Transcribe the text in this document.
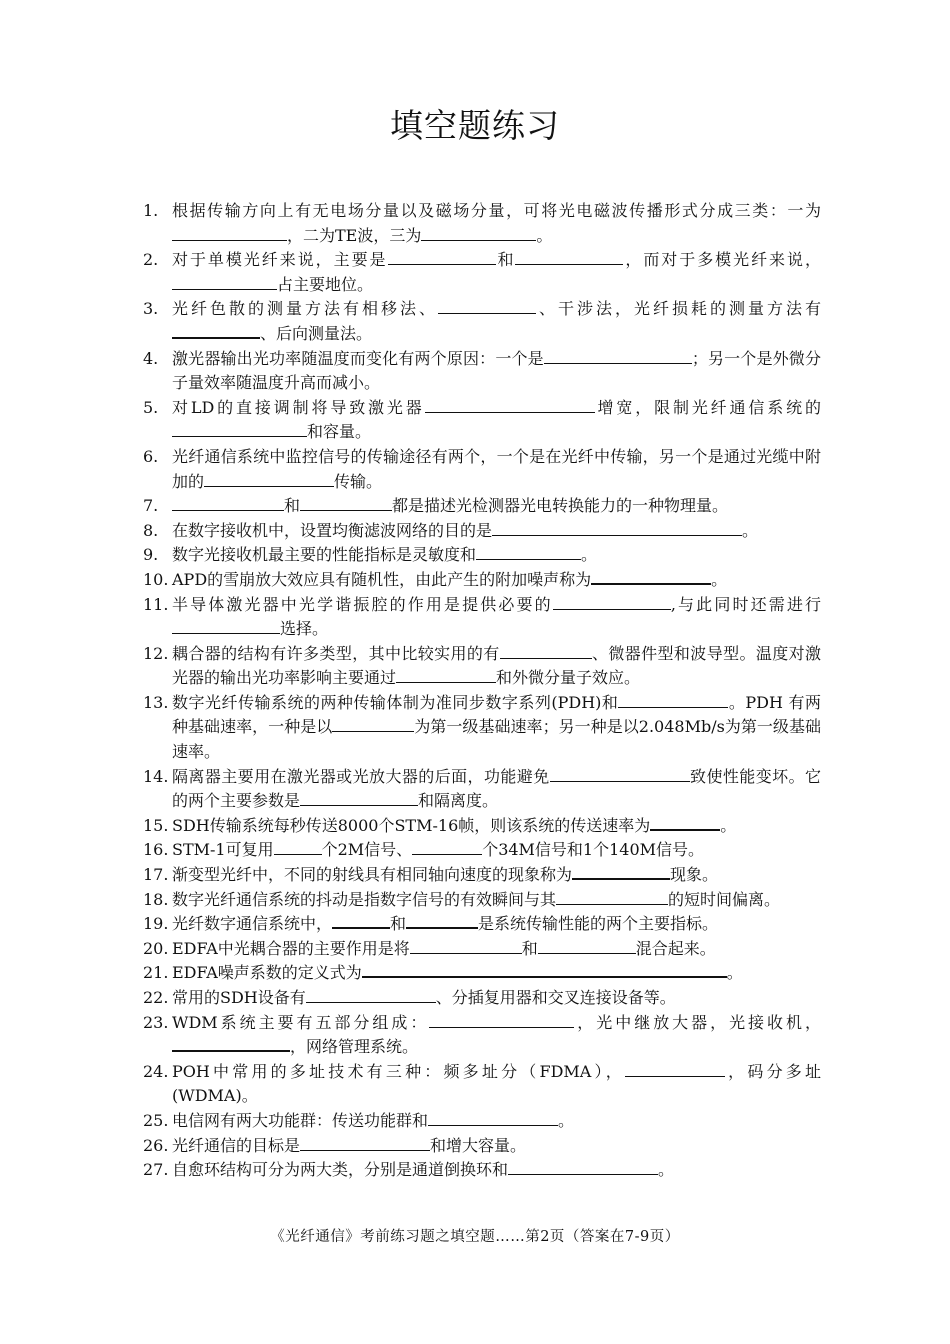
填空题练习
1. 根据传输方向上有无电场分量以及磁场分量，可将光电磁波传播形式分成三类：一为，二为TE波，三为	。
2. 对于单模光纤来说，主要是	和	，而对于多模光纤来说，占主要地位。
3. 光纤色散的测量方法有相移法、	、干涉法，光纤损耗的测量方法有、后向测量法。
4. 激光器输出光功率随温度而变化有两个原因：一个是	；另一个是外微分子量效率随温度升高而减小。
5. 对LD的直接调制将导致激光器	增宽，限制光纤通信系统的和容量。
6. 光纤通信系统中监控信号的传输途径有两个，一个是在光纤中传输，另一个是通过光缆中附加的	传输。
7.	和	都是描述光检测器光电转换能力的一种物理量。
8. 在数字接收机中，设置均衡滤波网络的目的是	。
9. 数字光接收机最主要的性能指标是灵敏度和	。
10. APD的雪崩放大效应具有随机性，由此产生的附加噪声称为	。
11. 半导体激光器中光学谐振腔的作用是提供必要的	,与此同时还需进行选择。
12. 耦合器的结构有许多类型，其中比较实用的有	、微器件型和波导型。温度对激光器的输出光功率影响主要通过	和外微分量子效应。
13. 数字光纤传输系统的两种传输体制为准同步数字系列(PDH)和	。PDH 有两种基础速率，一种是以	为第一级基础速率；另一种是以2.048Mb/s为第一级基础速率。
14. 隔离器主要用在激光器或光放大器的后面，功能避免	致使性能变坏。它的两个主要参数是	和隔离度。
15. SDH传输系统每秒传送8000个STM-16帧，则该系统的传送速率为	。
16. STM-1可复用	个2M信号、	个34M信号和1个140M信号。
17. 渐变型光纤中，不同的射线具有相同轴向速度的现象称为	现象。
18. 数字光纤通信系统的抖动是指数字信号的有效瞬间与其	的短时间偏离。
19. 光纤数字通信系统中，	和	是系统传输性能的两个主要指标。
20. EDFA中光耦合器的主要作用是将	和	混合起来。
21. EDFA噪声系数的定义式为	。
22. 常用的SDH设备有	、分插复用器和交叉连接设备等。
23. WDM系统主要有五部分组成：	，光中继放大器，光接收机，，网络管理系统。
24. POH中常用的多址技术有三种：频多址分（FDMA），	，码分多址(WDMA)。
25. 电信网有两大功能群：传送功能群和	。
26. 光纤通信的目标是	和增大容量。
27. 自愈环结构可分为两大类，分别是通道倒换环和	。
《光纤通信》考前练习题之填空题……第2页（答案在7-9页）
